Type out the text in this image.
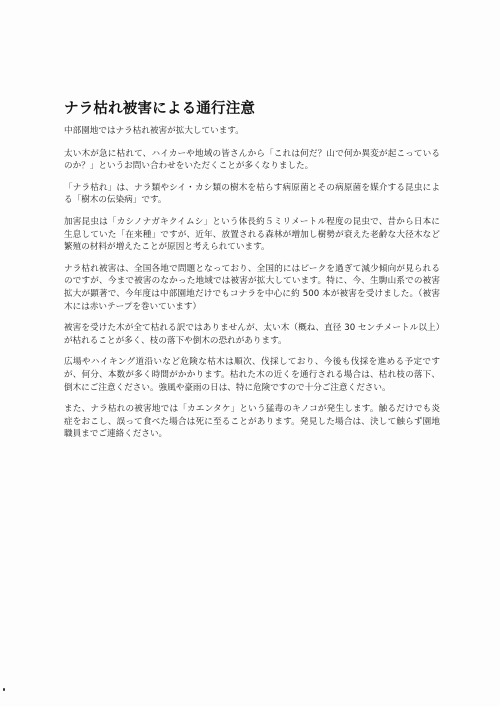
ナラ枯れ被害による通行注意

中部園地ではナラ枯れ被害が拡大しています。

太い木が急に枯れて、ハイカーや地域の皆さんから「これは何だ？山で何か異変が起こっているのか？」というお問い合わせをいただくことが多くなりました。

「ナラ枯れ」は、ナラ類やシイ・カシ類の樹木を枯らす病原菌とその病原菌を媒介する昆虫による「樹木の伝染病」です。

加害昆虫は「カシノナガキクイムシ」という体長約５ミリメートル程度の昆虫で、昔から日本に生息していた「在来種」ですが、近年、放置される森林が増加し樹勢が衰えた老齢な大径木など繁殖の材料が増えたことが原因と考えられています。

ナラ枯れ被害は、全国各地で問題となっており、全国的にはピークを過ぎて減少傾向が見られるのですが、今まで被害のなかった地域では被害が拡大しています。特に、今、生駒山系での被害拡大が顕著で、今年度は中部園地だけでもコナラを中心に約 500 本が被害を受けました。（被害木には赤いテープを巻いています）

被害を受けた木が全て枯れる訳ではありませんが、太い木（概ね、直径 30 センチメートル以上）が枯れることが多く、枝の落下や倒木の恐れがあります。

広場やハイキング道沿いなど危険な枯木は順次、伐採しており、今後も伐採を進める予定ですが、何分、本数が多く時間がかかります。枯れた木の近くを通行される場合は、枯れ枝の落下、倒木にご注意ください。強風や豪雨の日は、特に危険ですので十分ご注意ください。

また、ナラ枯れの被害地では「カエンタケ」という猛毒のキノコが発生します。触るだけでも炎症をおこし、誤って食べた場合は死に至ることがあります。発見した場合は、決して触らず園地職員までご連絡ください。
